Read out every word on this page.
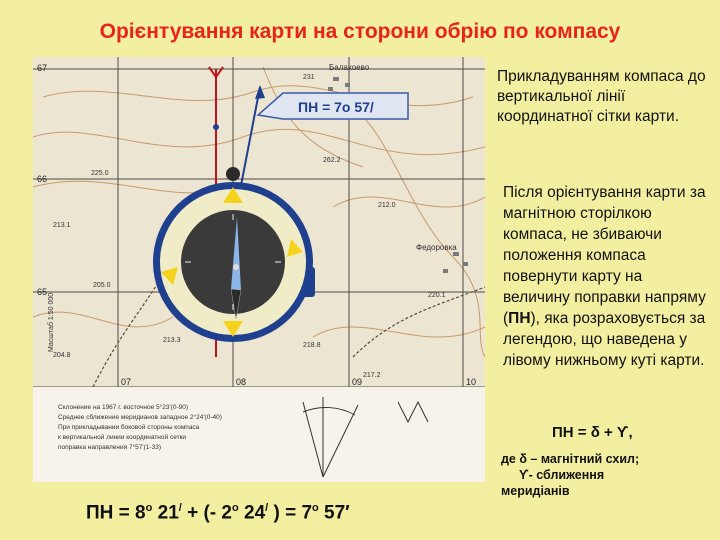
Орієнтування карти на сторони обрію по компасу
Балахоево
Федоровка
67
66
65
07	08	09	10
231
225.0
262.2
213.1
205.0
212.0
213.3
218.8
220.1
204.8
217.2
Масштаб 1:50 000
Склонение на 1967 г. восточное 5°23'(0-90)
Среднее сближение меридианов западное 2°24'(0-40)
При прикладывании боковой стороны компаса
к вертикальной линии координатной сетки
поправка направления 7°57'(1-33)
ПН = 7o 57/
Прикладуванням компаса до вертикальної лінії координатної сітки карти.
Після орієнтування карти за магнітною сторілкою компаса, не збиваючи положення компаса повернути карту на величину поправки напряму (ПН), яка розраховується за легендою, що наведена у лівому нижньому куті карти.
ПН = δ + ϒ,
де δ – магнітний схил;
ϒ- сближення
меридіанів
ПН = $8^о$ 21/ + (- $2^о$ 24/ ) = $7^о$ 57′
